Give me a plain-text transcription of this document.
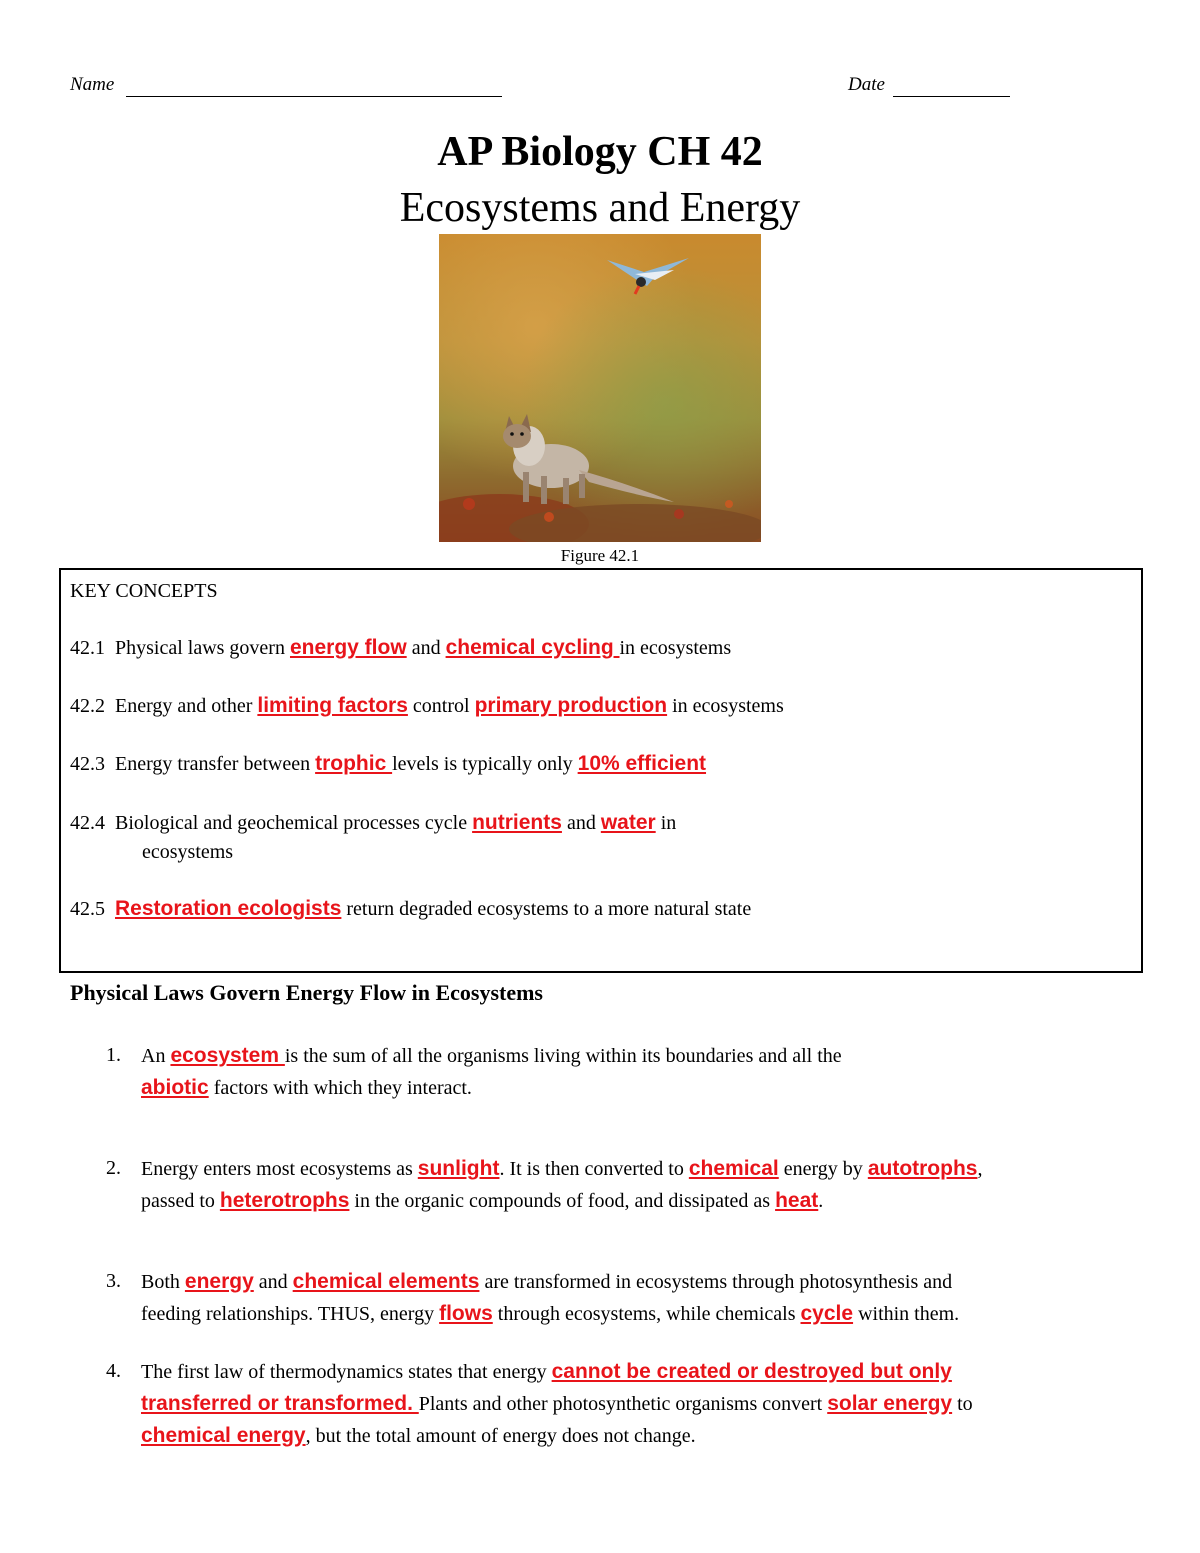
Name	Date
AP Biology CH 42
Ecosystems and Energy
Figure 42.1
KEY CONCEPTS
42.1 Physical laws govern energy flow and chemical cycling in ecosystems
42.2 Energy and other limiting factors control primary production in ecosystems
42.3 Energy transfer between trophic levels is typically only 10% efficient
42.4 Biological and geochemical processes cycle nutrients and water in
ecosystems
42.5 Restoration ecologists return degraded ecosystems to a more natural state
Physical Laws Govern Energy Flow in Ecosystems
1. An ecosystem is the sum of all the organisms living within its boundaries and all the
abiotic factors with which they interact.
2. Energy enters most ecosystems as sunlight. It is then converted to chemical energy by autotrophs,
passed to heterotrophs in the organic compounds of food, and dissipated as heat.
3. Both energy and chemical elements are transformed in ecosystems through photosynthesis and
feeding relationships. THUS, energy flows through ecosystems, while chemicals cycle within them.
4. The first law of thermodynamics states that energy cannot be created or destroyed but only
transferred or transformed. Plants and other photosynthetic organisms convert solar energy to
chemical energy, but the total amount of energy does not change.
